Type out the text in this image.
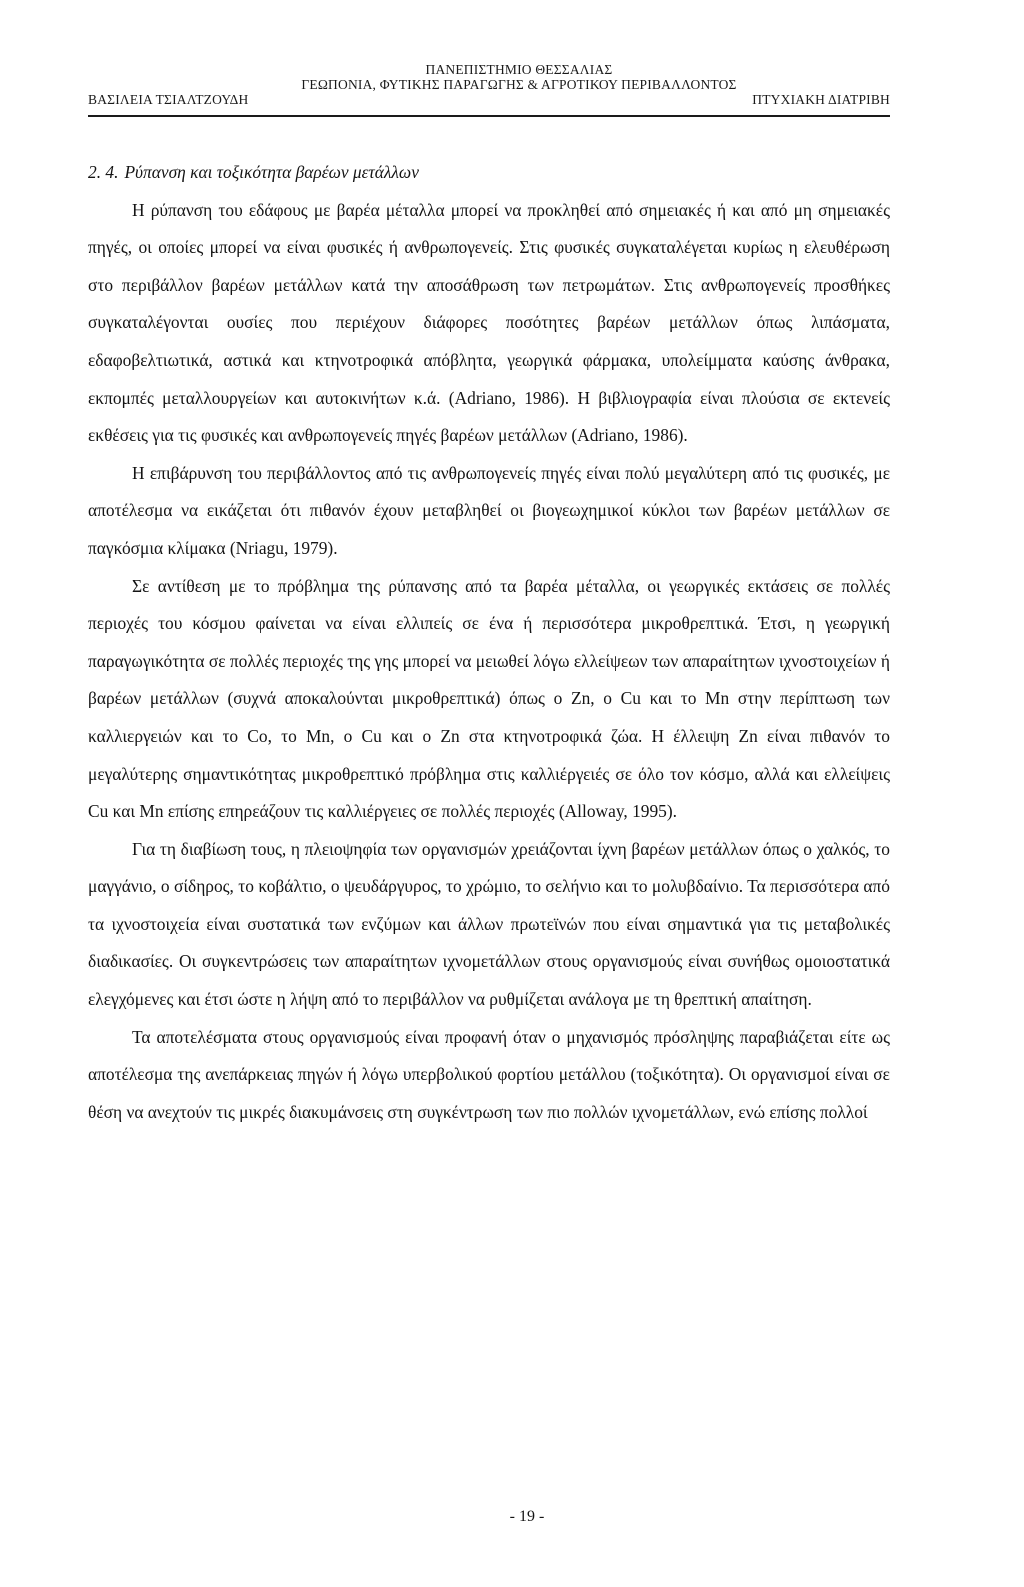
ΠΑΝΕΠΙΣΤΗΜΙΟ ΘΕΣΣΑΛΙΑΣ
ΓΕΩΠΟΝΙΑ, ΦΥΤΙΚΗΣ ΠΑΡΑΓΩΓΗΣ & ΑΓΡΟΤΙΚΟΥ ΠΕΡΙΒΑΛΛΟΝΤΟΣ
ΒΑΣΙΛΕΙΑ ΤΣΙΑΛΤΖΟΥΔΗ	ΠΤΥΧΙΑΚΗ ΔΙΑΤΡΙΒΗ
2. 4. Ρύπανση και τοξικότητα βαρέων μετάλλων

Η ρύπανση του εδάφους με βαρέα μέταλλα μπορεί να προκληθεί από σημειακές ή και από μη σημειακές πηγές, οι οποίες μπορεί να είναι φυσικές ή ανθρωπογενείς. Στις φυσικές συγκαταλέγεται κυρίως η ελευθέρωση στο περιβάλλον βαρέων μετάλλων κατά την αποσάθρωση των πετρωμάτων. Στις ανθρωπογενείς προσθήκες συγκαταλέγονται ουσίες που περιέχουν διάφορες ποσότητες βαρέων μετάλλων όπως λιπάσματα, εδαφοβελτιωτικά, αστικά και κτηνοτροφικά απόβλητα, γεωργικά φάρμακα, υπολείμματα καύσης άνθρακα, εκπομπές μεταλλουργείων και αυτοκινήτων κ.ά. (Adriano, 1986). Η βιβλιογραφία είναι πλούσια σε εκτενείς εκθέσεις για τις φυσικές και ανθρωπογενείς πηγές βαρέων μετάλλων (Adriano, 1986).

Η επιβάρυνση του περιβάλλοντος από τις ανθρωπογενείς πηγές είναι πολύ μεγαλύτερη από τις φυσικές, με αποτέλεσμα να εικάζεται ότι πιθανόν έχουν μεταβληθεί οι βιογεωχημικοί κύκλοι των βαρέων μετάλλων σε παγκόσμια κλίμακα (Nriagu, 1979).

Σε αντίθεση με το πρόβλημα της ρύπανσης από τα βαρέα μέταλλα, οι γεωργικές εκτάσεις σε πολλές περιοχές του κόσμου φαίνεται να είναι ελλιπείς σε ένα ή περισσότερα μικροθρεπτικά. Έτσι, η γεωργική παραγωγικότητα σε πολλές περιοχές της γης μπορεί να μειωθεί λόγω ελλείψεων των απαραίτητων ιχνοστοιχείων ή βαρέων μετάλλων (συχνά αποκαλούνται μικροθρεπτικά) όπως ο Zn, ο Cu και το Mn στην περίπτωση των καλλιεργειών και το Co, το Mn, ο Cu και ο Zn στα κτηνοτροφικά ζώα. Η έλλειψη Zn είναι πιθανόν το μεγαλύτερης σημαντικότητας μικροθρεπτικό πρόβλημα στις καλλιέργειές σε όλο τον κόσμο, αλλά και ελλείψεις Cu και Mn επίσης επηρεάζουν τις καλλιέργειες σε πολλές περιοχές (Alloway, 1995).

Για τη διαβίωση τους, η πλειοψηφία των οργανισμών χρειάζονται ίχνη βαρέων μετάλλων όπως ο χαλκός, το μαγγάνιο, ο σίδηρος, το κοβάλτιο, ο ψευδάργυρος, το χρώμιο, το σελήνιο και το μολυβδαίνιο. Τα περισσότερα από τα ιχνοστοιχεία είναι συστατικά των ενζύμων και άλλων πρωτεϊνών που είναι σημαντικά για τις μεταβολικές διαδικασίες. Οι συγκεντρώσεις των απαραίτητων ιχνομετάλλων στους οργανισμούς είναι συνήθως ομοιοστατικά ελεγχόμενες και έτσι ώστε η λήψη από το περιβάλλον να ρυθμίζεται ανάλογα με τη θρεπτική απαίτηση.

Τα αποτελέσματα στους οργανισμούς είναι προφανή όταν ο μηχανισμός πρόσληψης παραβιάζεται είτε ως αποτέλεσμα της ανεπάρκειας πηγών ή λόγω υπερβολικού φορτίου μετάλλου (τοξικότητα). Οι οργανισμοί είναι σε θέση να ανεχτούν τις μικρές διακυμάνσεις στη συγκέντρωση των πιο πολλών ιχνομετάλλων, ενώ επίσης πολλοί

- 19 -
